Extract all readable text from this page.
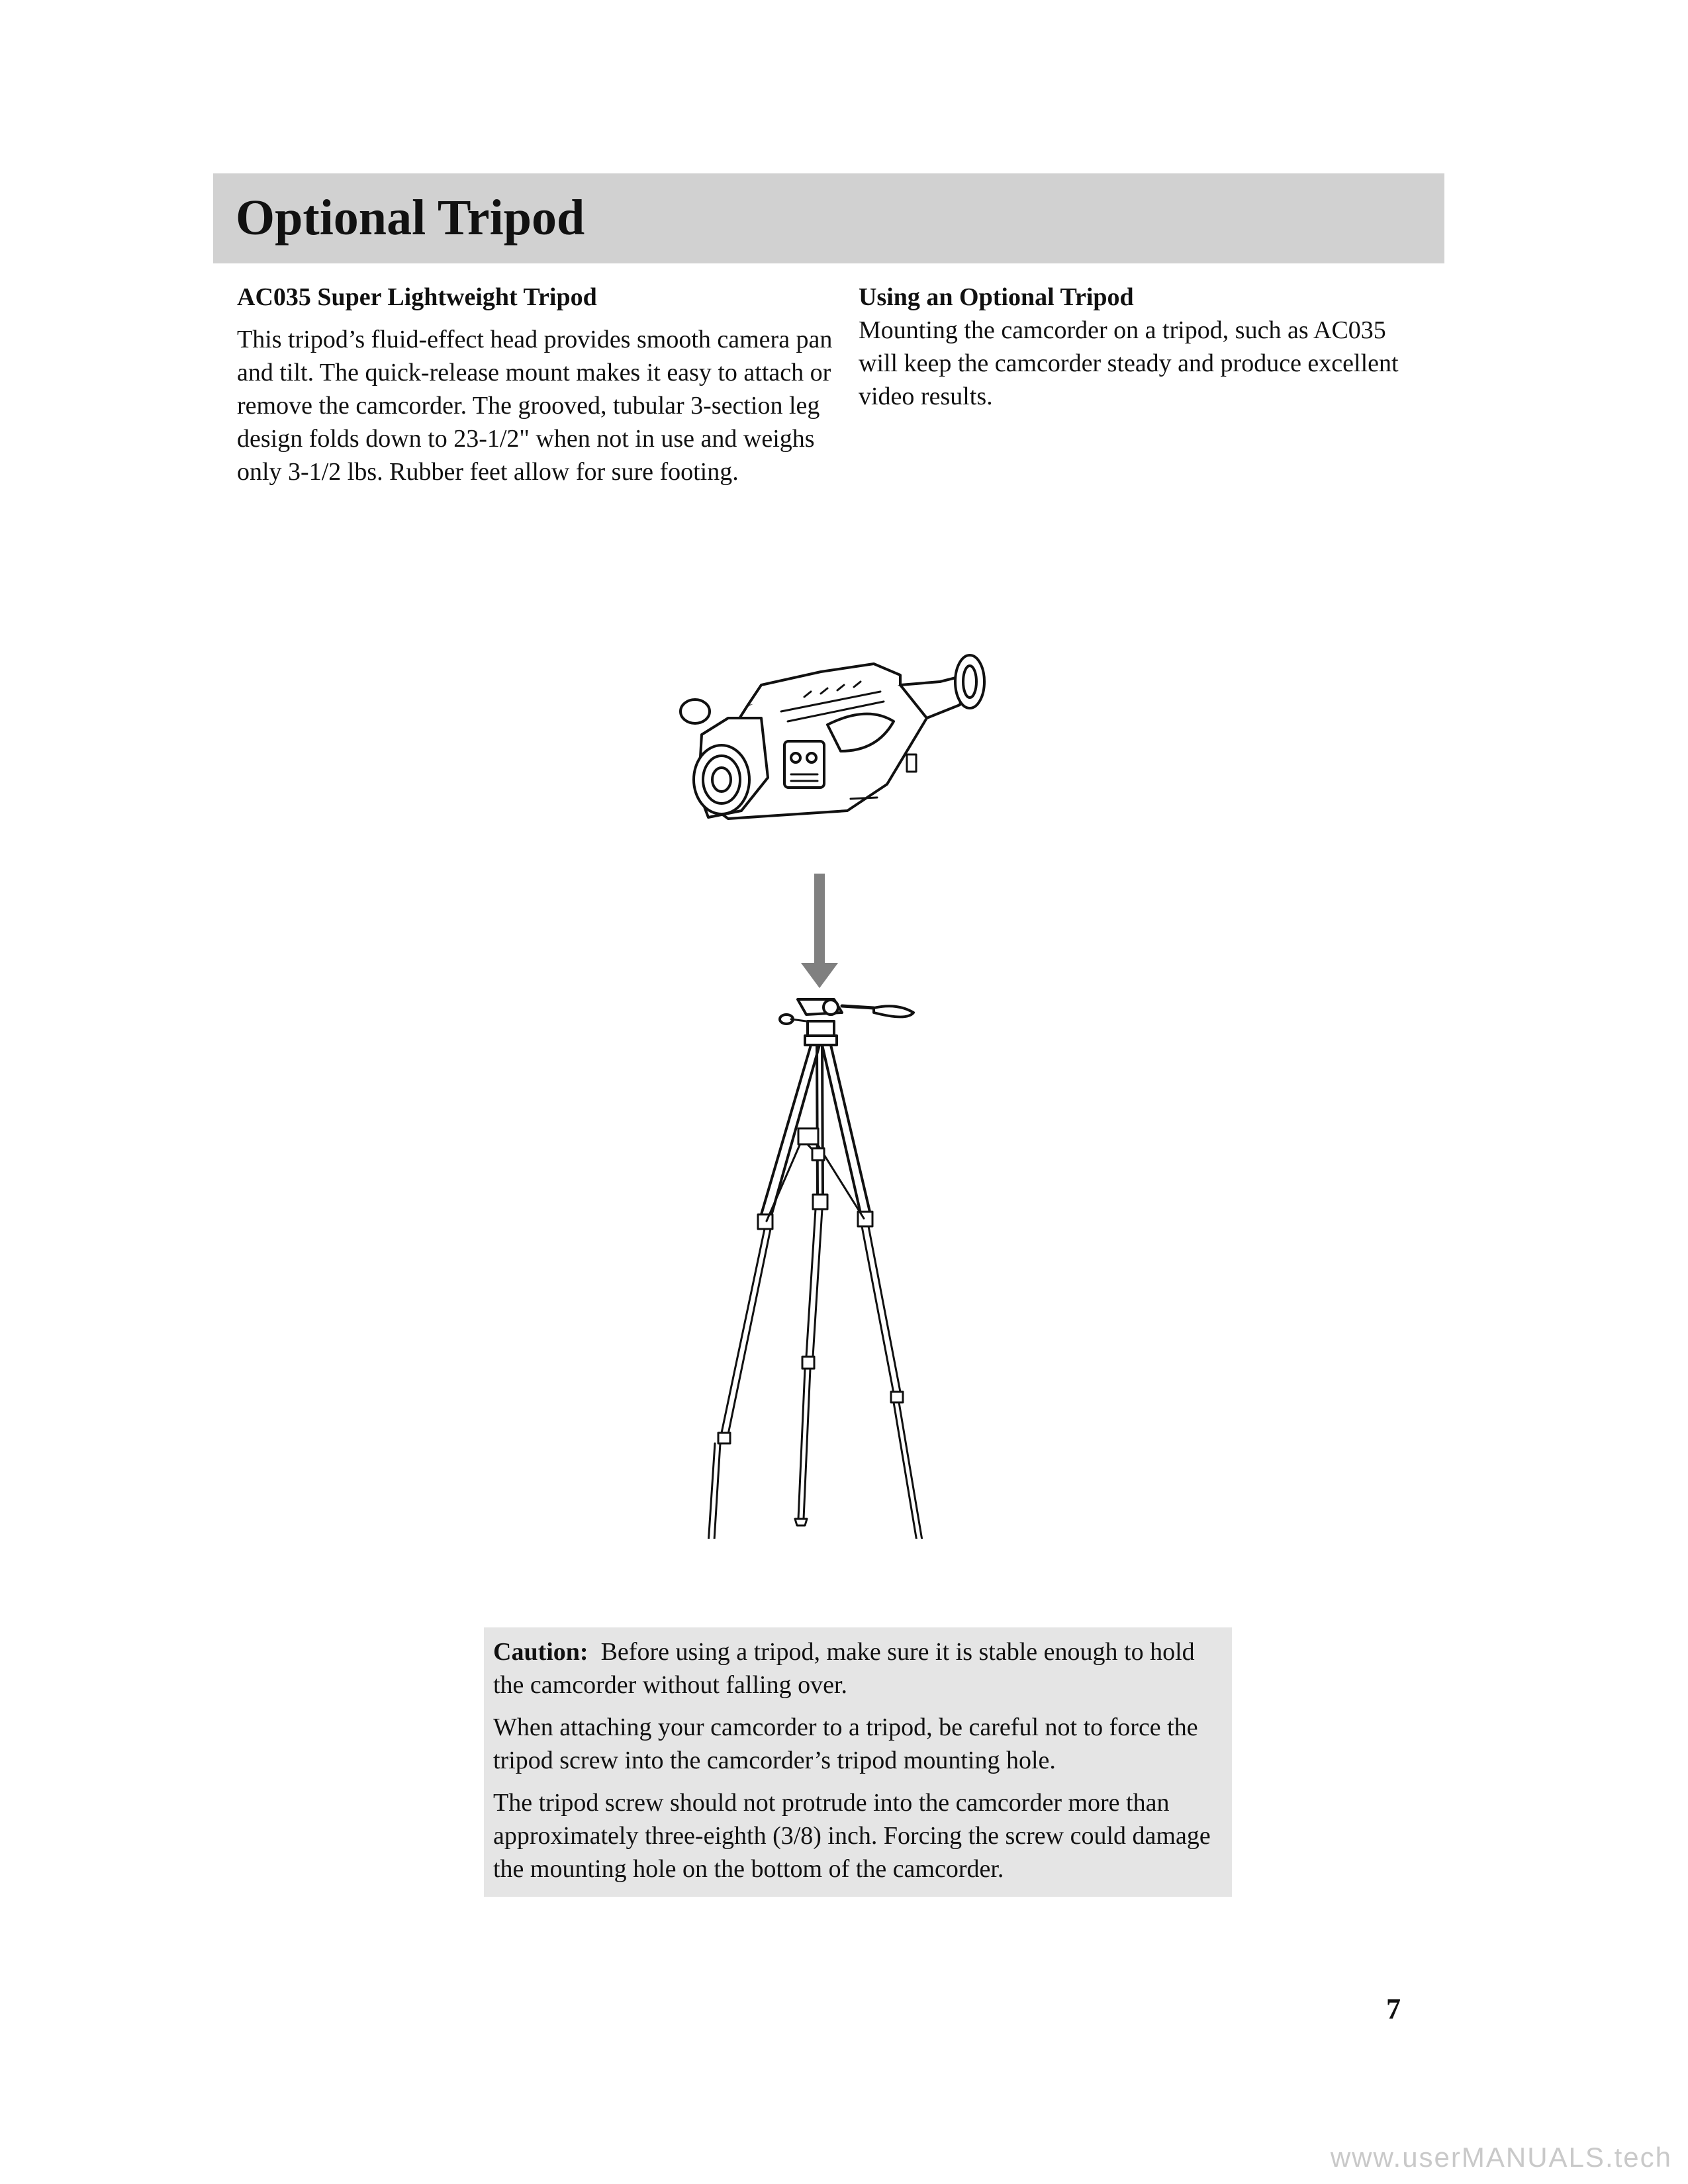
Optional Tripod
AC035 Super Lightweight Tripod

This tripod’s fluid-effect head provides smooth camera pan and tilt. The quick-release mount makes it easy to attach or remove the camcorder. The grooved, tubular 3-section leg design folds down to 23-1/2" when not in use and weighs only 3-1/2 lbs. Rubber feet allow for sure footing.

Using an Optional Tripod

Mounting the camcorder on a tripod, such as AC035 will keep the camcorder steady and produce excellent video results.

Caution: Before using a tripod, make sure it is stable enough to hold the camcorder without falling over.

When attaching your camcorder to a tripod, be careful not to force the tripod screw into the camcorder’s tripod mounting hole.

The tripod screw should not protrude into the camcorder more than approximately three-eighth (3/8) inch. Forcing the screw could damage the mounting hole on the bottom of the camcorder.

7
www.userMANUALS.tech
